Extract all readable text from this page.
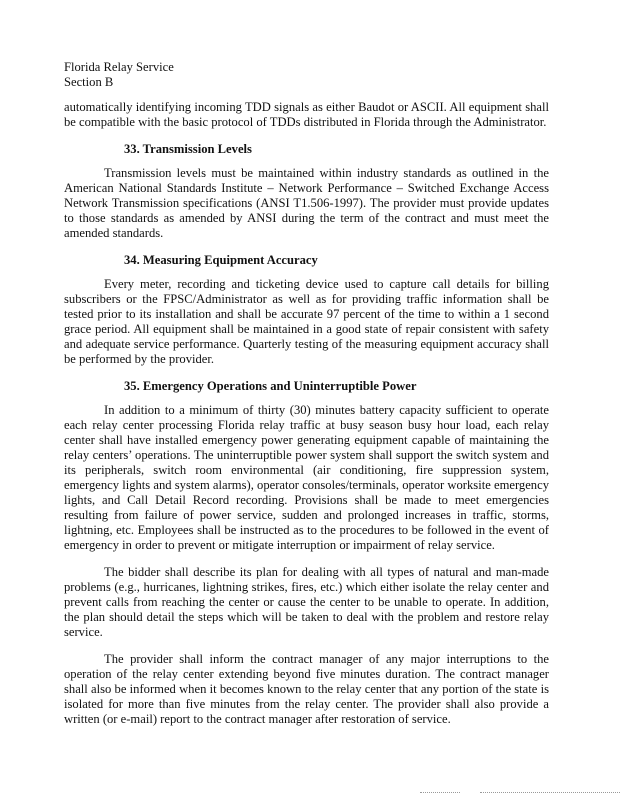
Florida Relay Service
Section B

automatically identifying incoming TDD signals as either Baudot or ASCII. All equipment shall be compatible with the basic protocol of TDDs distributed in Florida through the Administrator.

33. Transmission Levels

Transmission levels must be maintained within industry standards as outlined in the American National Standards Institute – Network Performance – Switched Exchange Access Network Transmission specifications (ANSI T1.506-1997). The provider must provide updates to those standards as amended by ANSI during the term of the contract and must meet the amended standards.

34. Measuring Equipment Accuracy

Every meter, recording and ticketing device used to capture call details for billing subscribers or the FPSC/Administrator as well as for providing traffic information shall be tested prior to its installation and shall be accurate 97 percent of the time to within a 1 second grace period. All equipment shall be maintained in a good state of repair consistent with safety and adequate service performance. Quarterly testing of the measuring equipment accuracy shall be performed by the provider.

35. Emergency Operations and Uninterruptible Power

In addition to a minimum of thirty (30) minutes battery capacity sufficient to operate each relay center processing Florida relay traffic at busy season busy hour load, each relay center shall have installed emergency power generating equipment capable of maintaining the relay centers’ operations. The uninterruptible power system shall support the switch system and its peripherals, switch room environmental (air conditioning, fire suppression system, emergency lights and system alarms), operator consoles/terminals, operator worksite emergency lights, and Call Detail Record recording. Provisions shall be made to meet emergencies resulting from failure of power service, sudden and prolonged increases in traffic, storms, lightning, etc. Employees shall be instructed as to the procedures to be followed in the event of emergency in order to prevent or mitigate interruption or impairment of relay service.

The bidder shall describe its plan for dealing with all types of natural and man-made problems (e.g., hurricanes, lightning strikes, fires, etc.) which either isolate the relay center and prevent calls from reaching the center or cause the center to be unable to operate. In addition, the plan should detail the steps which will be taken to deal with the problem and restore relay service.

The provider shall inform the contract manager of any major interruptions to the operation of the relay center extending beyond five minutes duration. The contract manager shall also be informed when it becomes known to the relay center that any portion of the state is isolated for more than five minutes from the relay center. The provider shall also provide a written (or e-mail) report to the contract manager after restoration of service.
